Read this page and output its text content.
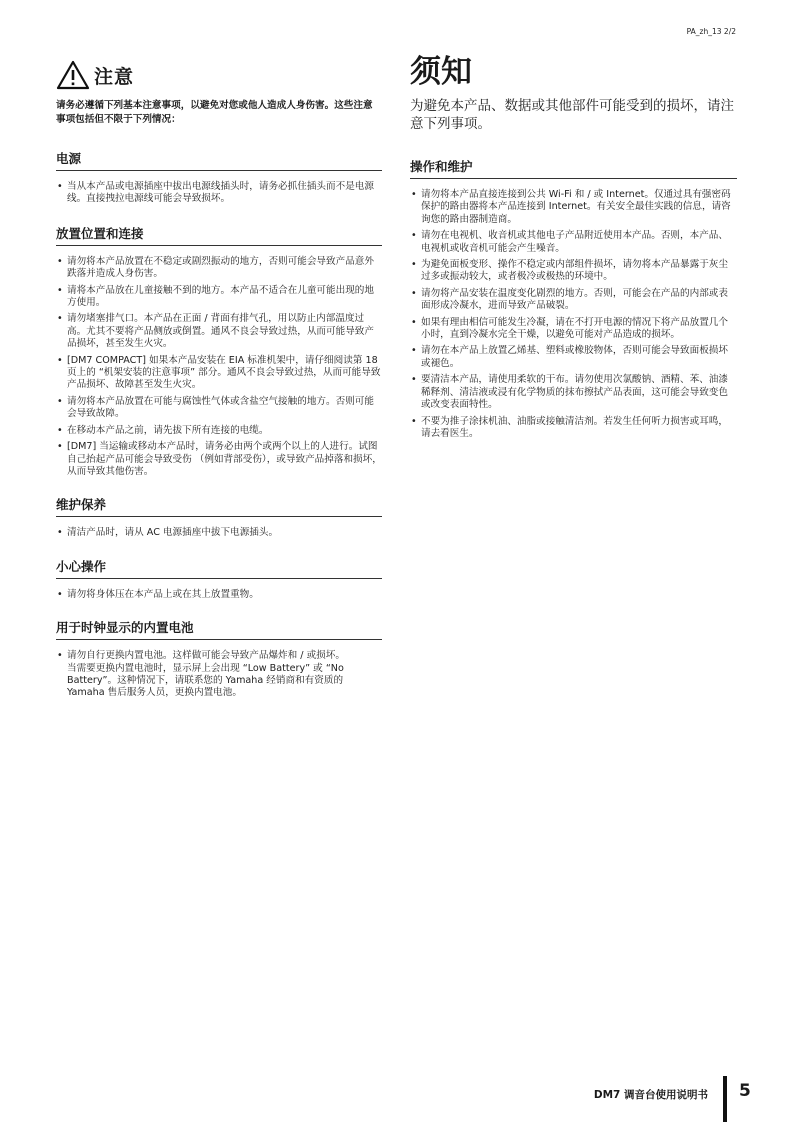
PA_zh_13 2/2
注意
请务必遵循下列基本注意事项，以避免对您或他人造成人身伤害。这些注意事项包括但不限于下列情况：
电源
• 当从本产品或电源插座中拔出电源线插头时，请务必抓住插头而不是电源线。直接拽拉电源线可能会导致损坏。
放置位置和连接
• 请勿将本产品放置在不稳定或剧烈振动的地方，否则可能会导致产品意外跌落并造成人身伤害。
• 请将本产品放在儿童接触不到的地方。本产品不适合在儿童可能出现的地方使用。
• 请勿堵塞排气口。本产品在正面 / 背面有排气孔，用以防止内部温度过高。尤其不要将产品侧放或倒置。通风不良会导致过热，从而可能导致产品损坏，甚至发生火灾。
• [DM7 COMPACT] 如果本产品安装在 EIA 标准机架中，请仔细阅读第 18 页上的 “机架安装的注意事项” 部分。通风不良会导致过热，从而可能导致产品损坏、故障甚至发生火灾。
• 请勿将本产品放置在可能与腐蚀性气体或含盐空气接触的地方。否则可能会导致故障。
• 在移动本产品之前，请先拔下所有连接的电缆。
• [DM7] 当运输或移动本产品时，请务必由两个或两个以上的人进行。试图自己抬起产品可能会导致受伤 （例如背部受伤），或导致产品掉落和损坏，从而导致其他伤害。
维护保养
• 清洁产品时，请从 AC 电源插座中拔下电源插头。
小心操作
• 请勿将身体压在本产品上或在其上放置重物。
用于时钟显示的内置电池
• 请勿自行更换内置电池。这样做可能会导致产品爆炸和 / 或损坏。
当需要更换内置电池时，显示屏上会出现 “Low Battery” 或 “No Battery”。这种情况下，请联系您的 Yamaha 经销商和有资质的 Yamaha 售后服务人员，更换内置电池。
须知
为避免本产品、数据或其他部件可能受到的损坏，请注意下列事项。
操作和维护
• 请勿将本产品直接连接到公共 Wi-Fi 和 / 或 Internet。仅通过具有强密码保护的路由器将本产品连接到 Internet。有关安全最佳实践的信息，请咨询您的路由器制造商。
• 请勿在电视机、收音机或其他电子产品附近使用本产品。否则，本产品、电视机或收音机可能会产生噪音。
• 为避免面板变形、操作不稳定或内部组件损坏，请勿将本产品暴露于灰尘过多或振动较大，或者极冷或极热的环境中。
• 请勿将产品安装在温度变化剧烈的地方。否则，可能会在产品的内部或表面形成冷凝水，进而导致产品破裂。
• 如果有理由相信可能发生冷凝，请在不打开电源的情况下将产品放置几个小时，直到冷凝水完全干燥，以避免可能对产品造成的损坏。
• 请勿在本产品上放置乙烯基、塑料或橡胶物体，否则可能会导致面板损坏或褪色。
• 要清洁本产品，请使用柔软的干布。请勿使用次氯酸钠、酒精、苯、油漆稀释剂、清洁液或浸有化学物质的抹布擦拭产品表面，这可能会导致变色或改变表面特性。
• 不要为推子涂抹机油、油脂或接触清洁剂。若发生任何听力损害或耳鸣，请去看医生。
DM7 调音台使用说明书 5
